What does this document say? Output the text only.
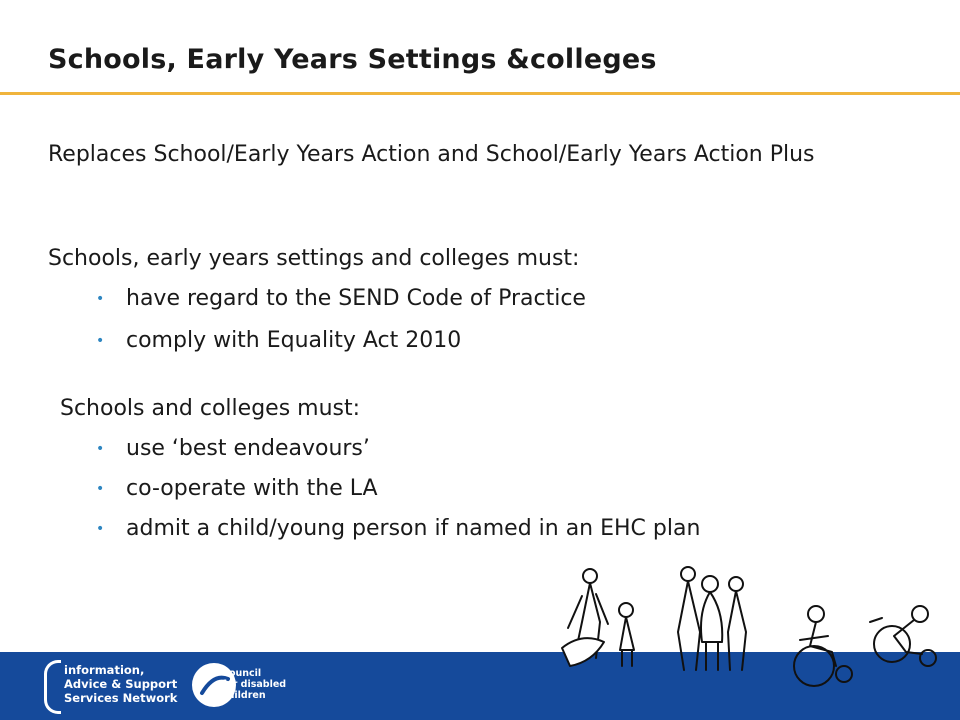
Schools, Early Years Settings &colleges
Replaces School/Early Years Action and School/Early Years Action Plus
Schools, early years settings and colleges must:
• have regard to the SEND Code of Practice
• comply with Equality Act 2010
Schools and colleges must:
• use ‘best endeavours’
• co-operate with the LA
• admit a child/young person if named in an EHC plan
information,
Advice & Support
Services Network
Council
for disabled
children
